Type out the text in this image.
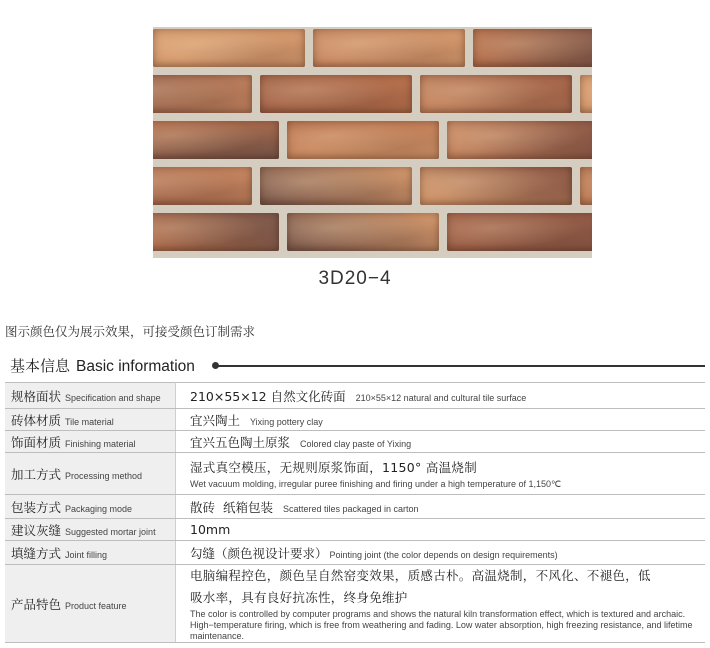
3D20−4
图示颜色仅为展示效果，可接受颜色订制需求
基本信息 Basic information
规格面状 Specification and shape	210×55×12 自然文化砖面 210×55×12 natural and cultural tile surface
砖体材质 Tile material	宜兴陶土 Yixing pottery clay
饰面材质 Finishing material	宜兴五色陶土原浆 Colored clay paste of Yixing
加工方式 Processing method	湿式真空模压，无规则原浆饰面，1150° 高温烧制
Wet vacuum molding, irregular puree finishing and firing under a high temperature of 1,150℃

包装方式 Packaging mode	散砖  纸箱包装 Scattered tiles packaged in carton
建议灰缝 Suggested mortar joint	10mm
填缝方式 Joint filling	勾缝（颜色视设计要求） Pointing joint (the color depends on design requirements)
产品特色 Product feature	电脑编程控色，颜色呈自然窑变效果，质感古朴。高温烧制，不风化、不褪色，低
吸水率，具有良好抗冻性，终身免维护
The color is controlled by computer programs and shows the natural kiln transformation effect, which is textured and archaic. High−temperature firing, which is free from weathering and fading. Low water absorption, high freezing resistance, and lifetime maintenance.
